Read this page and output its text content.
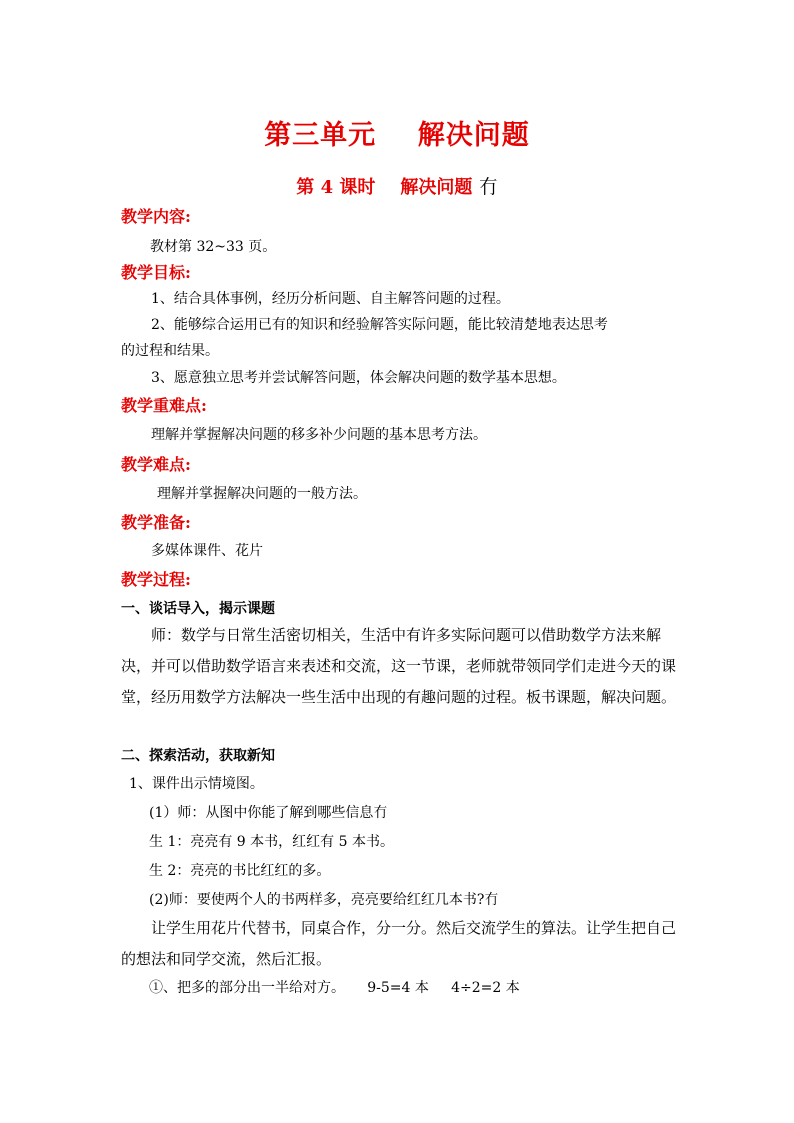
第三单元    解决问题
第 4 课时    解决问题 冇
教学内容:
教材第 32~33 页。
教学目标:
1、结合具体事例，经历分析问题、自主解答问题的过程。
2、能够综合运用已有的知识和经验解答实际问题，能比较清楚地表达思考
的过程和结果。
3、愿意独立思考并尝试解答问题，体会解决问题的数学基本思想。
教学重难点:
理解并掌握解决问题的移多补少问题的基本思考方法。
教学难点:
理解并掌握解决问题的一般方法。
教学准备:
多媒体课件、花片
教学过程:
一、谈话导入，揭示课题
师：数学与日常生活密切相关，生活中有许多实际问题可以借助数学方法来解决，并可以借助数学语言来表述和交流，这一节课，老师就带领同学们走进今天的课堂，经历用数学方法解决一些生活中出现的有趣问题的过程。板书课题，解决问题。
二、探索活动，获取新知
1、课件出示情境图。
(1）师：从图中你能了解到哪些信息冇
生 1：亮亮有 9 本书，红红有 5 本书。
生 2：亮亮的书比红红的多。
(2)师：要使两个人的书两样多，亮亮要给红红几本书?冇
让学生用花片代替书，同桌合作，分一分。然后交流学生的算法。让学生把自己的想法和同学交流，然后汇报。
①、把多的部分出一半给对方。     9-5=4 本     4÷2=2 本
